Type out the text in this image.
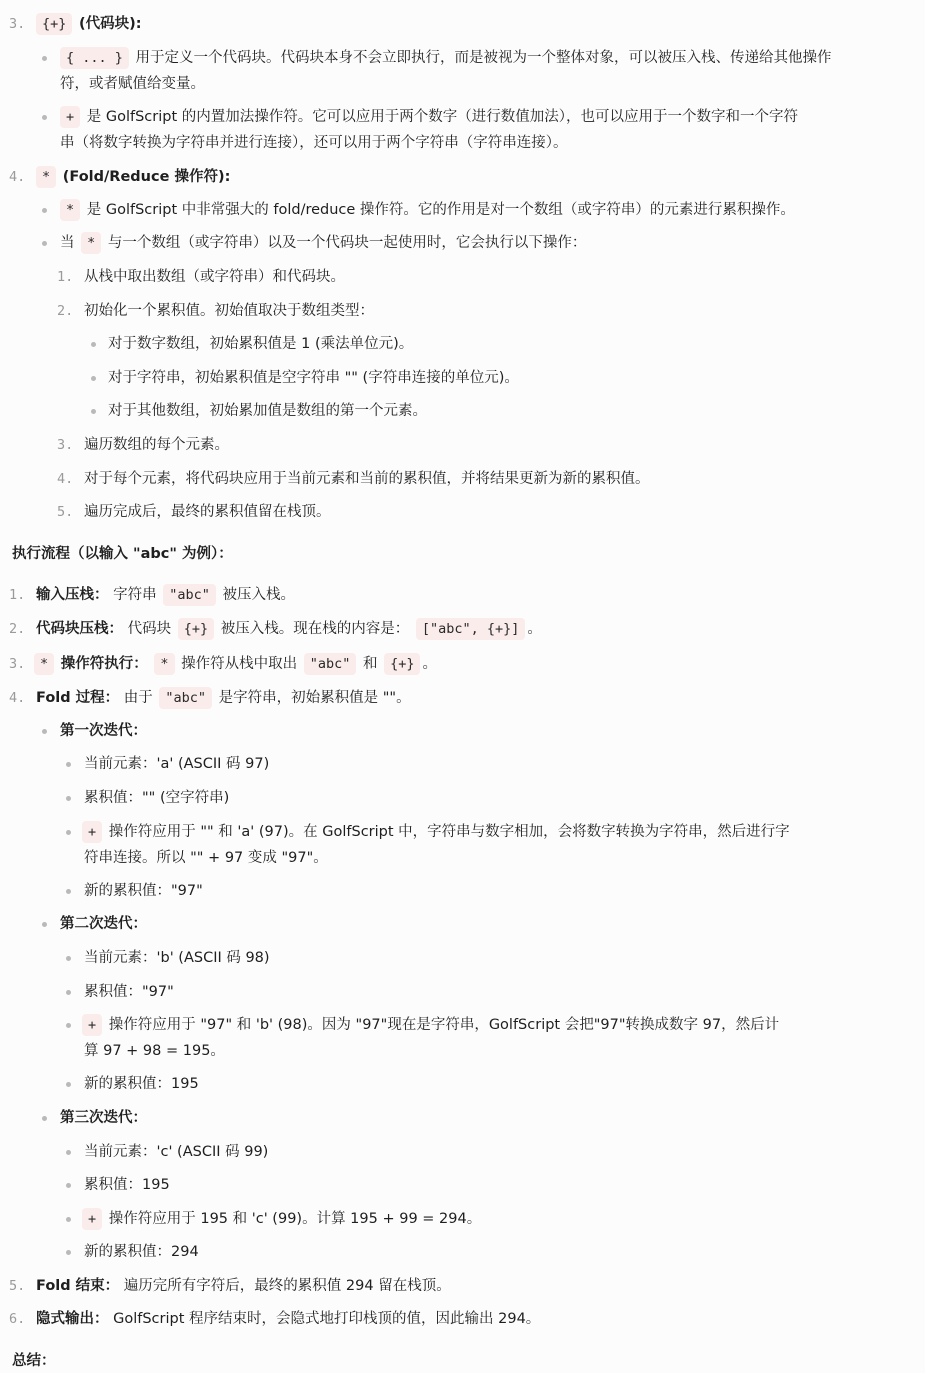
3.	{+} (代码块):
{ ... } 用于定义一个代码块。代码块本身不会立即执行，而是被视为一个整体对象，可以被压入栈、传递给其他操作
符，或者赋值给变量。
+ 是 GolfScript 的内置加法操作符。它可以应用于两个数字（进行数值加法），也可以应用于一个数字和一个字符
串（将数字转换为字符串并进行连接），还可以用于两个字符串（字符串连接）。
4.	* (Fold/Reduce 操作符):
* 是 GolfScript 中非常强大的 fold/reduce 操作符。它的作用是对一个数组（或字符串）的元素进行累积操作。
当 * 与一个数组（或字符串）以及一个代码块一起使用时，它会执行以下操作：
1. 从栈中取出数组（或字符串）和代码块。
2. 初始化一个累积值。初始值取决于数组类型：
对于数字数组，初始累积值是 1 (乘法单位元)。
对于字符串，初始累积值是空字符串 "" (字符串连接的单位元)。
对于其他数组，初始累加值是数组的第一个元素。
3. 遍历数组的每个元素。
4. 对于每个元素，将代码块应用于当前元素和当前的累积值，并将结果更新为新的累积值。
5. 遍历完成后，最终的累积值留在栈顶。
执行流程（以输入 "abc" 为例）：
1. 输入压栈： 字符串 "abc" 被压入栈。
2. 代码块压栈： 代码块 {+} 被压入栈。现在栈的内容是： ["abc", {+}] 。
3.	* 操作符执行： * 操作符从栈中取出 "abc" 和 {+} 。
4. Fold 过程： 由于 "abc" 是字符串，初始累积值是 ""。
第一次迭代：
当前元素：'a' (ASCII 码 97)
累积值："" (空字符串)
+ 操作符应用于 "" 和 'a' (97)。在 GolfScript 中，字符串与数字相加，会将数字转换为字符串，然后进行字
符串连接。所以 "" + 97 变成 "97"。
新的累积值："97"
第二次迭代：
当前元素：'b' (ASCII 码 98)
累积值："97"
+ 操作符应用于 "97" 和 'b' (98)。因为 "97"现在是字符串，GolfScript 会把"97"转换成数字 97，然后计
算 97 + 98 = 195。
新的累积值：195
第三次迭代：
当前元素：'c' (ASCII 码 99)
累积值：195
+ 操作符应用于 195 和 'c' (99)。计算 195 + 99 = 294。
新的累积值：294
5. Fold 结束： 遍历完所有字符后，最终的累积值 294 留在栈顶。
6. 隐式输出： GolfScript 程序结束时，会隐式地打印栈顶的值，因此输出 294。
总结：
